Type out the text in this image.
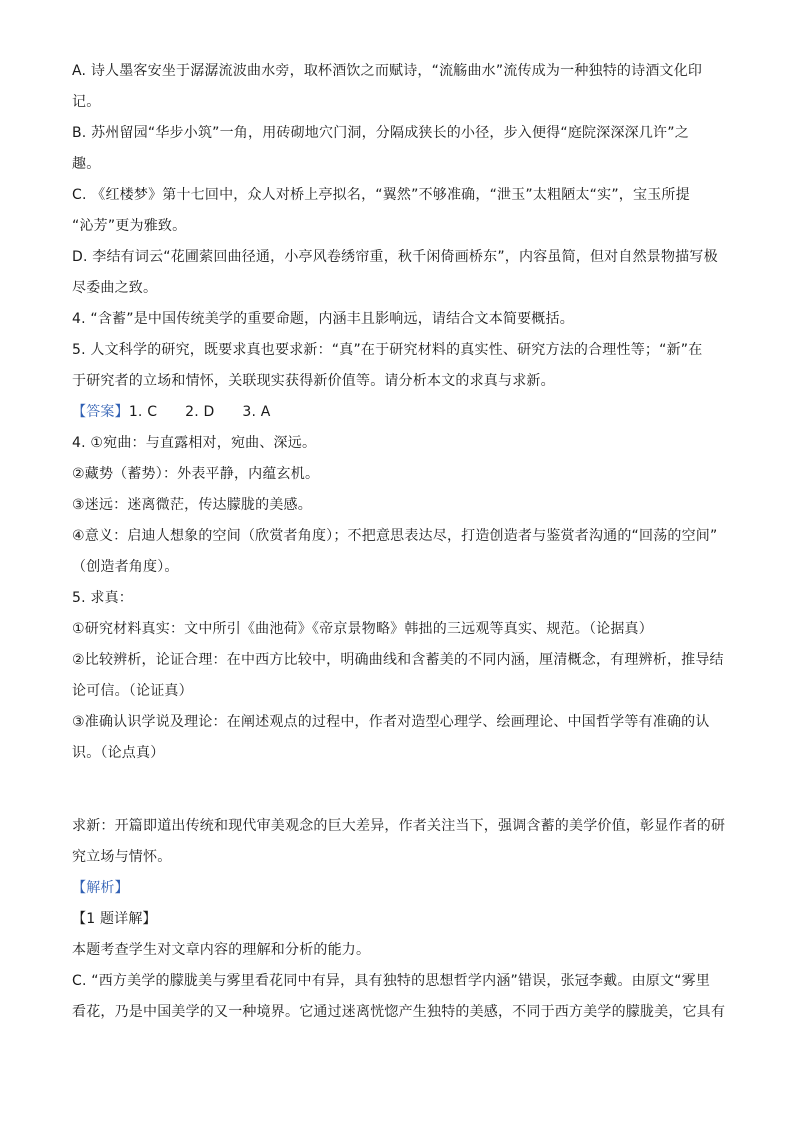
A. 诗人墨客安坐于潺潺流波曲水旁，取杯酒饮之而赋诗，“流觞曲水”流传成为一种独特的诗酒文化印
记。
B. 苏州留园“华步小筑”一角，用砖砌地穴门洞，分隔成狭长的小径，步入便得“庭院深深深几许”之
趣。
C. 《红楼梦》第十七回中，众人对桥上亭拟名，“翼然”不够准确，“泄玉”太粗陋太“实”，宝玉所提
“沁芳”更为雅致。
D. 李结有词云“花圃萦回曲径通，小亭风卷绣帘重，秋千闲倚画桥东”，内容虽简，但对自然景物描写极
尽委曲之致。
4. “含蓄”是中国传统美学的重要命题，内涵丰且影响远，请结合文本简要概括。
5. 人文科学的研究，既要求真也要求新：“真”在于研究材料的真实性、研究方法的合理性等；“新”在
于研究者的立场和情怀，关联现实获得新价值等。请分析本文的求真与求新。
【答案】1. C      2. D      3. A
4. ①宛曲：与直露相对，宛曲、深远。
②藏势（蓄势）：外表平静，内蕴玄机。
③迷远：迷离微茫，传达朦胧的美感。
④意义：启迪人想象的空间（欣赏者角度）；不把意思表达尽，打造创造者与鉴赏者沟通的“回荡的空间”
（创造者角度）。
5. 求真：
①研究材料真实：文中所引《曲池荷》《帝京景物略》韩拙的三远观等真实、规范。（论据真）
②比较辨析，论证合理：在中西方比较中，明确曲线和含蓄美的不同内涵，厘清概念，有理辨析，推导结
论可信。（论证真）
③准确认识学说及理论：在阐述观点的过程中，作者对造型心理学、绘画理论、中国哲学等有准确的认
识。（论点真）
求新：开篇即道出传统和现代审美观念的巨大差异，作者关注当下，强调含蓄的美学价值，彰显作者的研
究立场与情怀。
【解析】
【1 题详解】
本题考查学生对文章内容的理解和分析的能力。
C. “西方美学的朦胧美与雾里看花同中有异，具有独特的思想哲学内涵”错误，张冠李戴。由原文“雾里
看花，乃是中国美学的又一种境界。它通过迷离恍惚产生独特的美感，不同于西方美学的朦胧美，它具有
